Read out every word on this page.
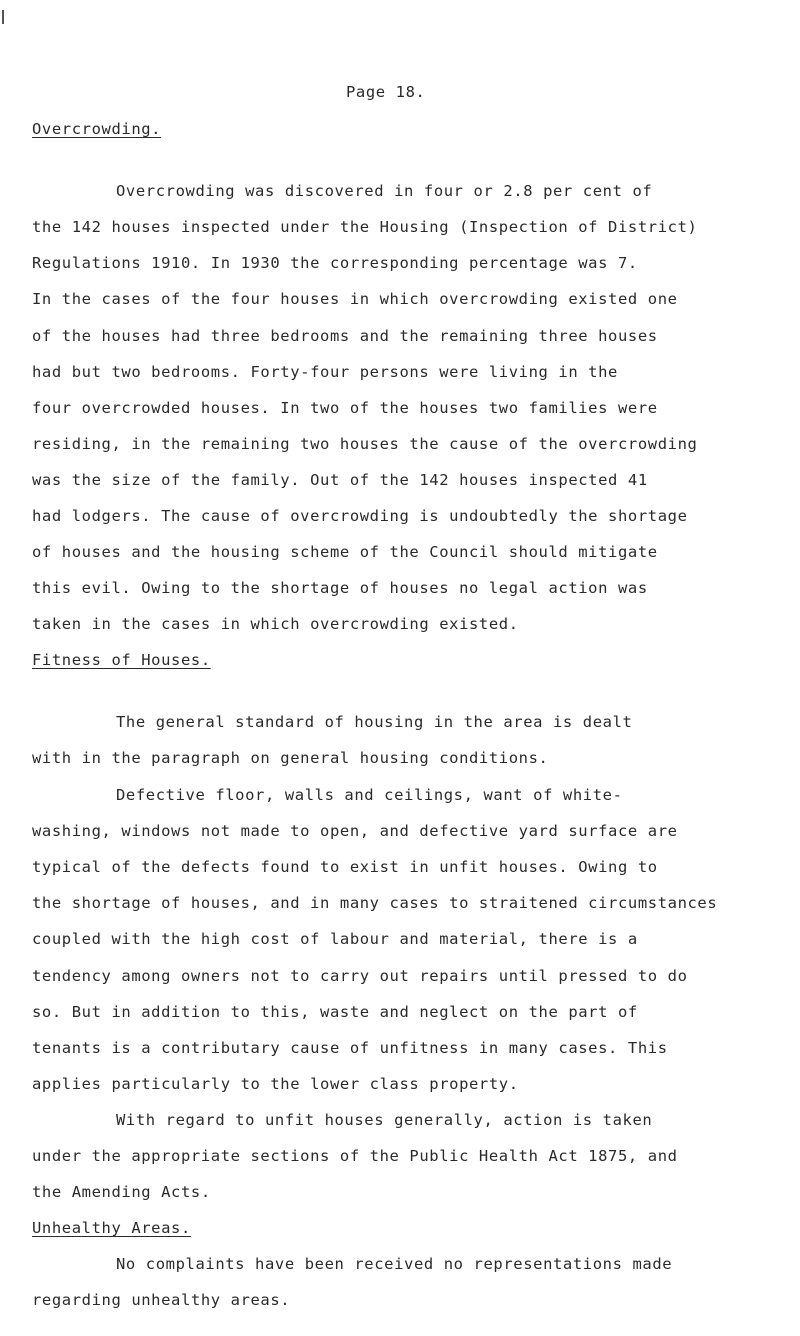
Page 18.
Overcrowding.
Overcrowding was discovered in four or 2.8 per cent of
the 142 houses inspected under the Housing (Inspection of District)
Regulations 1910. In 1930 the corresponding percentage was 7.
In the cases of the four houses in which overcrowding existed one
of the houses had three bedrooms and the remaining three houses
had but two bedrooms. Forty-four persons were living in the
four overcrowded houses. In two of the houses two families were
residing, in the remaining two houses the cause of the overcrowding
was the size of the family. Out of the 142 houses inspected 41
had lodgers. The cause of overcrowding is undoubtedly the shortage
of houses and the housing scheme of the Council should mitigate
this evil. Owing to the shortage of houses no legal action was
taken in the cases in which overcrowding existed.
Fitness of Houses.
The general standard of housing in the area is dealt
with in the paragraph on general housing conditions.
Defective floor, walls and ceilings, want of white-
washing, windows not made to open, and defective yard surface are
typical of the defects found to exist in unfit houses. Owing to
the shortage of houses, and in many cases to straitened circumstances
coupled with the high cost of labour and material, there is a
tendency among owners not to carry out repairs until pressed to do
so. But in addition to this, waste and neglect on the part of
tenants is a contributary cause of unfitness in many cases. This
applies particularly to the lower class property.
With regard to unfit houses generally, action is taken
under the appropriate sections of the Public Health Act 1875, and
the Amending Acts.
Unhealthy Areas.
No complaints have been received no representations made
regarding unhealthy areas.
